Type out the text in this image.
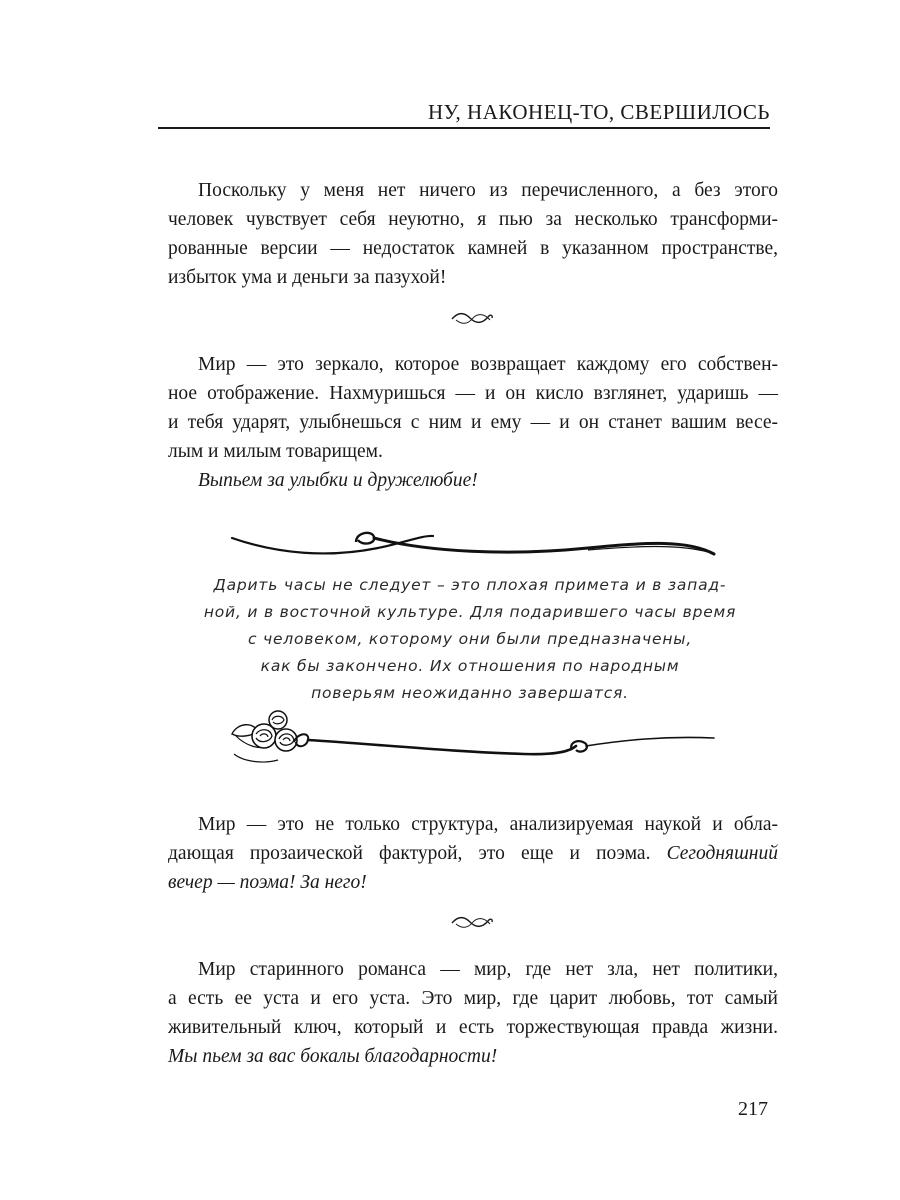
НУ, НАКОНЕЦ-ТО, СВЕРШИЛОСЬ
Поскольку у меня нет ничего из перечисленного, а без этого
человек чувствует себя неуютно, я пью за несколько трансформи-
рованные версии — недостаток камней в указанном пространстве,
избыток ума и деньги за пазухой!
Мир — это зеркало, которое возвращает каждому его собствен-
ное отображение. Нахмуришься — и он кисло взглянет, ударишь —
и тебя ударят, улыбнешься с ним и ему — и он станет вашим весе-
лым и милым товарищем.
Выпьем за улыбки и дружелюбие!
Дарить часы не следует – это плохая примета и в запад-
ной, и в восточной культуре. Для подарившего часы время
с человеком, которому они были предназначены,
как бы закончено. Их отношения по народным
поверьям неожиданно завершатся.
Мир — это не только структура, анализируемая наукой и обла-
дающая прозаической фактурой, это еще и поэма. Сегодняшний
вечер — поэма! За него!
Мир старинного романса — мир, где нет зла, нет политики,
а есть ее уста и его уста. Это мир, где царит любовь, тот самый
живительный ключ, который и есть торжествующая правда жизни.
Мы пьем за вас бокалы благодарности!
217
